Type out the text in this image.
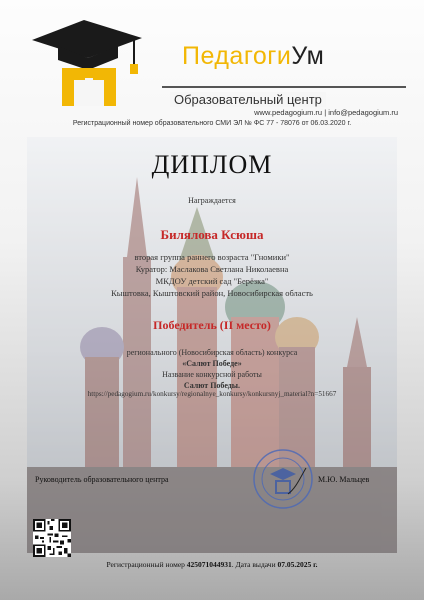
ПедагогиУм
Образовательный центр
www.pedagogium.ru | info@pedagogium.ru
Регистрационный номер образовательного СМИ ЭЛ № ФС 77 - 78076 от 06.03.2020 г.
ДИПЛОМ
Награждается
Билялова Ксюша
вторая группа раннего возраста "Гномики"
Куратор: Маслакова Светлана Николаевна
МКДОУ детский сад "Берёзка"
Кыштовка, Кыштовский район, Новосибирская область
Победитель (II место)
регионального (Новосибирская область) конкурса
«Салют Победе»
Название конкурсной работы
Салют Победы.
https://pedagogium.ru/konkursy/regionalnye_konkursy/konkursnyj_material?n=51667
Руководитель образовательного центра	М.Ю. Мальцев
Регистрационный номер 425071044931. Дата выдачи 07.05.2025 г.
